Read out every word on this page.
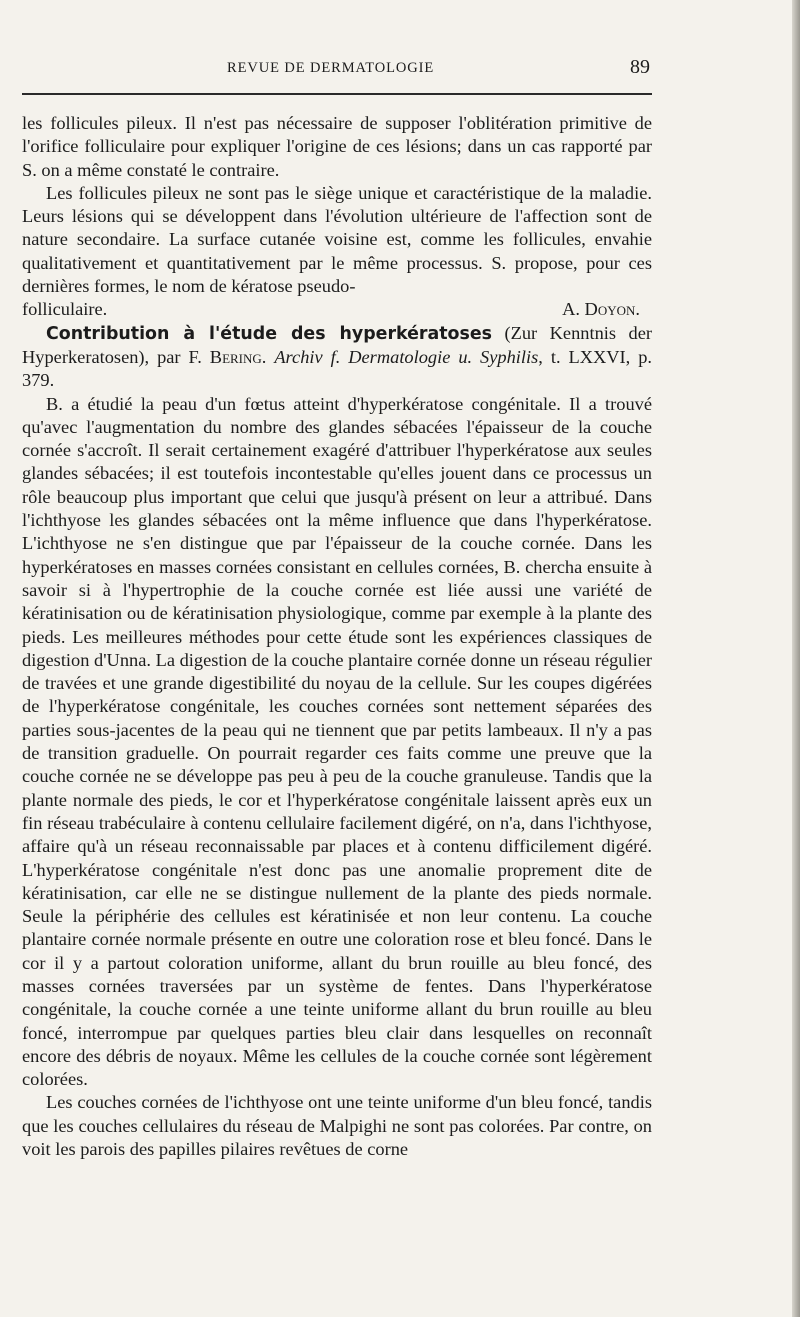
REVUE DE DERMATOLOGIE	89

les follicules pileux. Il n'est pas nécessaire de supposer l'oblitération primitive de l'orifice folliculaire pour expliquer l'origine de ces lésions; dans un cas rapporté par S. on a même constaté le contraire.

Les follicules pileux ne sont pas le siège unique et caractéristique de la maladie. Leurs lésions qui se développent dans l'évolution ultérieure de l'affection sont de nature secondaire. La surface cutanée voisine est, comme les follicules, envahie qualitativement et quantitativement par le même processus. S. propose, pour ces dernières formes, le nom de kératose pseudo-

folliculaire.	A. Doyon.

Contribution à l'étude des hyperkératoses (Zur Kenntnis der Hyperkeratosen), par F. Bering. Archiv f. Dermatologie u. Syphilis, t. LXXVI, p. 379.

B. a étudié la peau d'un fœtus atteint d'hyperkératose congénitale. Il a trouvé qu'avec l'augmentation du nombre des glandes sébacées l'épaisseur de la couche cornée s'accroît. Il serait certainement exagéré d'attribuer l'hyperkératose aux seules glandes sébacées; il est toutefois incontestable qu'elles jouent dans ce processus un rôle beaucoup plus important que celui que jusqu'à présent on leur a attribué. Dans l'ichthyose les glandes sébacées ont la même influence que dans l'hyperkératose. L'ichthyose ne s'en distingue que par l'épaisseur de la couche cornée. Dans les hyperkératoses en masses cornées consistant en cellules cornées, B. chercha ensuite à savoir si à l'hypertrophie de la couche cornée est liée aussi une variété de kératinisation ou de kératinisation physiologique, comme par exemple à la plante des pieds. Les meilleures méthodes pour cette étude sont les expériences classiques de digestion d'Unna. La digestion de la couche plantaire cornée donne un réseau régulier de travées et une grande digestibilité du noyau de la cellule. Sur les coupes digérées de l'hyperkératose congénitale, les couches cornées sont nettement séparées des parties sous-jacentes de la peau qui ne tiennent que par petits lambeaux. Il n'y a pas de transition graduelle. On pourrait regarder ces faits comme une preuve que la couche cornée ne se développe pas peu à peu de la couche granuleuse. Tandis que la plante normale des pieds, le cor et l'hyperkératose congénitale laissent après eux un fin réseau trabéculaire à contenu cellulaire facilement digéré, on n'a, dans l'ichthyose, affaire qu'à un réseau reconnaissable par places et à contenu difficilement digéré. L'hyperkératose congénitale n'est donc pas une anomalie proprement dite de kératinisation, car elle ne se distingue nullement de la plante des pieds normale. Seule la périphérie des cellules est kératinisée et non leur contenu. La couche plantaire cornée normale présente en outre une coloration rose et bleu foncé. Dans le cor il y a partout coloration uniforme, allant du brun rouille au bleu foncé, des masses cornées traversées par un système de fentes. Dans l'hyperkératose congénitale, la couche cornée a une teinte uniforme allant du brun rouille au bleu foncé, interrompue par quelques parties bleu clair dans lesquelles on reconnaît encore des débris de noyaux. Même les cellules de la couche cornée sont légèrement colorées.

Les couches cornées de l'ichthyose ont une teinte uniforme d'un bleu foncé, tandis que les couches cellulaires du réseau de Malpighi ne sont pas colorées. Par contre, on voit les parois des papilles pilaires revêtues de corne
